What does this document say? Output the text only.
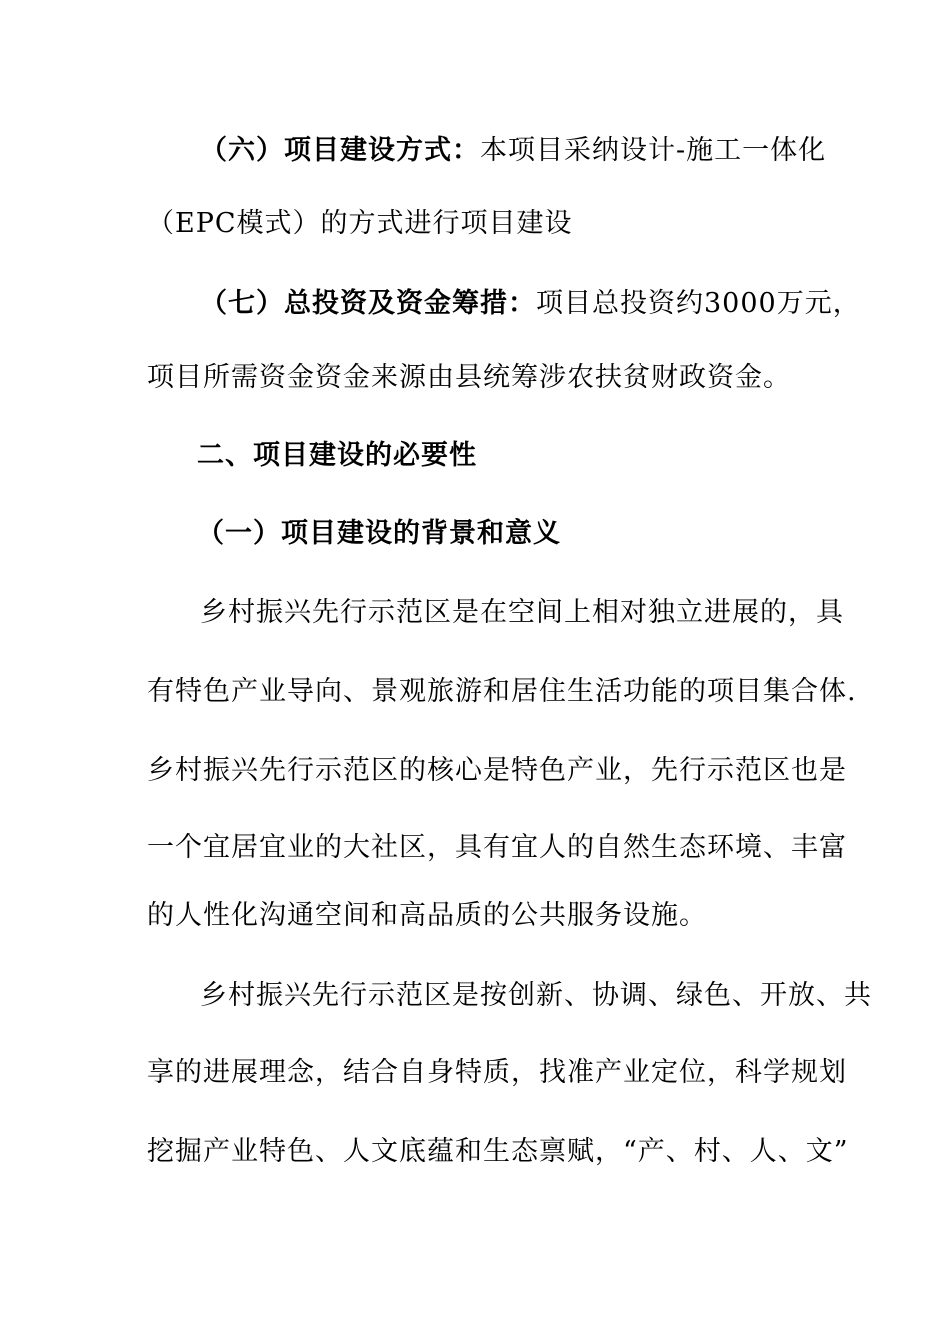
（六）项目建设方式：本项目采纳设计-施工一体化
（EPC模式）的方式进行项目建设
（七）总投资及资金筹措：项目总投资约3000万元，
项目所需资金资金来源由县统筹涉农扶贫财政资金。
二、项目建设的必要性
（一）项目建设的背景和意义
乡村振兴先行示范区是在空间上相对独立进展的，具
有特色产业导向、景观旅游和居住生活功能的项目集合体.
乡村振兴先行示范区的核心是特色产业，先行示范区也是
一个宜居宜业的大社区，具有宜人的自然生态环境、丰富
的人性化沟通空间和高品质的公共服务设施。
乡村振兴先行示范区是按创新、协调、绿色、开放、共
享的进展理念，结合自身特质，找准产业定位，科学规划
挖掘产业特色、人文底蕴和生态禀赋，“产、村、人、文”
